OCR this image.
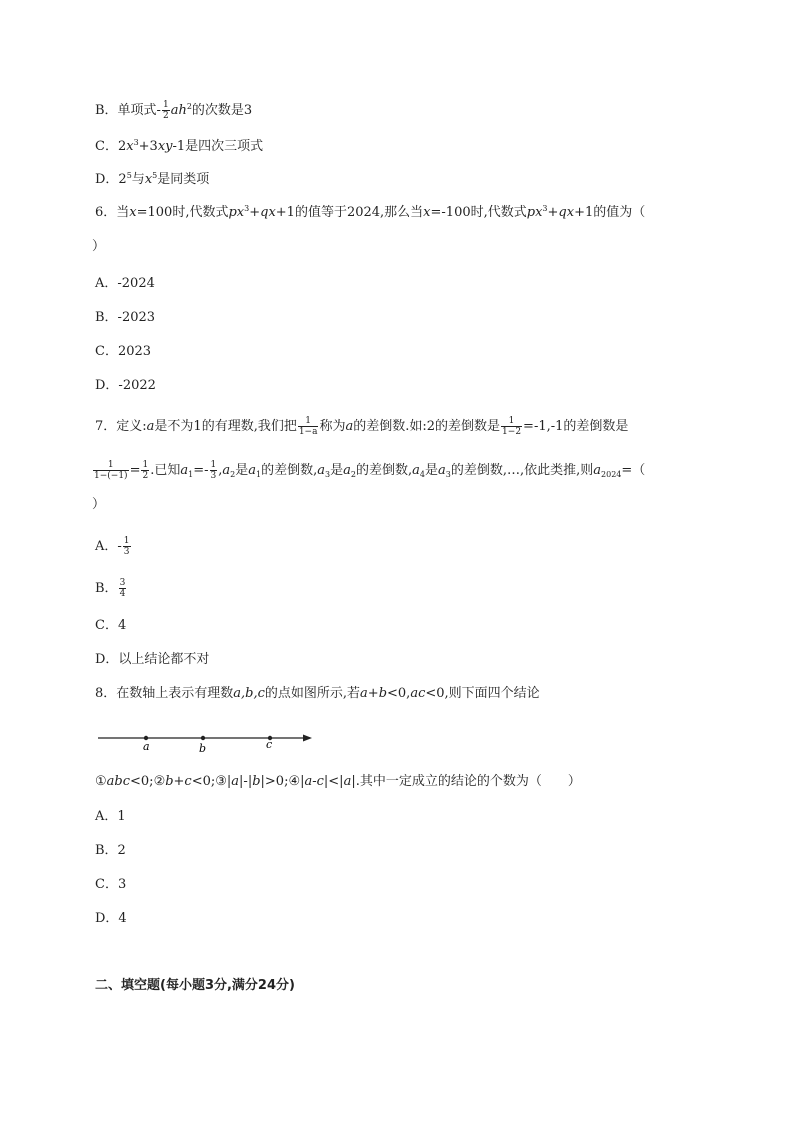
B．单项式- $\frac{1}{2} ah^2$的次数是3
C．$2x^3+3xy-1$是四次三项式
D．$2^5$与$x^5$是同类项
6．当x=100时,代数式$px^3+qx+1$的值等于2024,那么当x=-100时,代数式$px^3+qx+1$的值为（
）
A．-2024
B．-2023
C．2023
D．-2022
7．定义:a是不为1的有理数,我们把 $\frac{1}{1-a}$ 称为a的差倒数.如:2的差倒数是 $\frac{1}{1-2} =-1,-1$的差倒数是
$\frac{1}{1-(-1)} = \frac{1}{2}$ .已知$a_1=- \frac{1}{3} ,a_2$是$a_1$的差倒数$,a_3$是$a_2$的差倒数$,a_4$是$a_3$的差倒数,…,依此类推,则$a_{2024}=$（
）
A．- $\frac{1}{3}$
B． $\frac{3}{4}$
C．4
D．以上结论都不对
8．在数轴上表示有理数a,b,c的点如图所示,若a+b<0,ac<0,则下面四个结论
a	b	c
①abc<0;②b+c<0;③|a|-|b|>0;④|a-c|<|a|.其中一定成立的结论的个数为（　　）
A．1
B．2
C．3
D．4
二、填空题(每小题3分,满分24分)
